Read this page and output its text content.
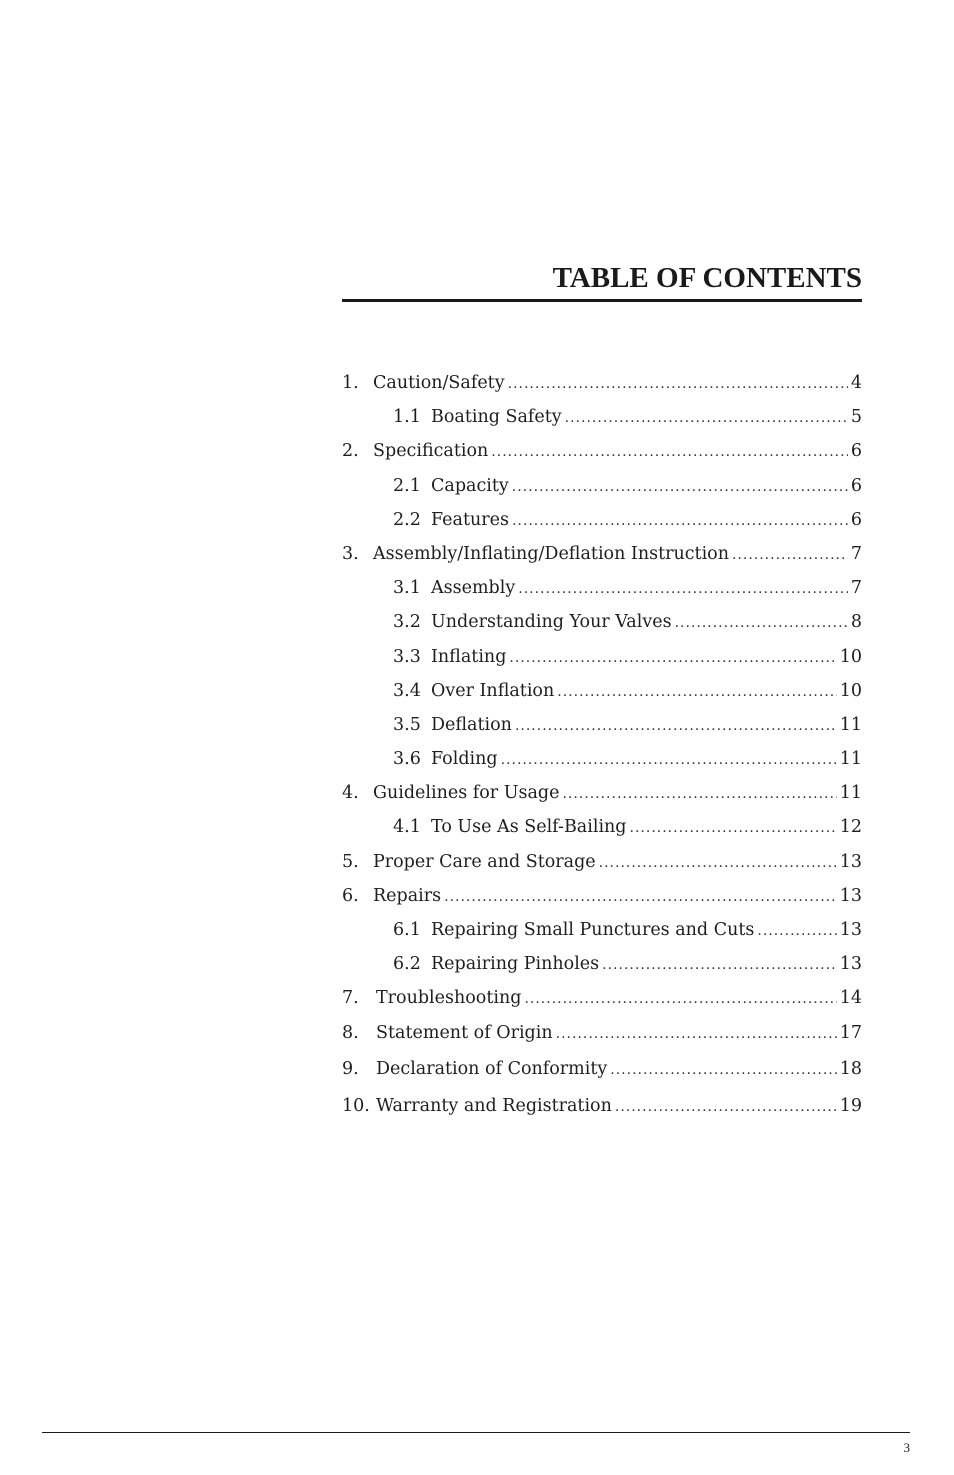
TABLE OF CONTENTS
1. Caution/Safety .....	4
1.1 Boating Safety .....	5
2. Specification .....	6
2.1 Capacity .....	6
2.2 Features .....	6
3. Assembly/Inflating/Deflation Instruction .....	7
3.1 Assembly .....	7
3.2 Understanding Your Valves .....	8
3.3 Inflating .....	10
3.4 Over Inflation .....	10
3.5 Deflation .....	11
3.6 Folding .....	11
4. Guidelines for Usage .....	11
4.1 To Use As Self-Bailing .....	12
5. Proper Care and Storage .....	13
6. Repairs .....	13
6.1 Repairing Small Punctures and Cuts .....	13
6.2 Repairing Pinholes .....	13
7. Troubleshooting .....	14
8. Statement of Origin .....	17
9. Declaration of Conformity .....	18
10. Warranty and Registration .....	19
3
